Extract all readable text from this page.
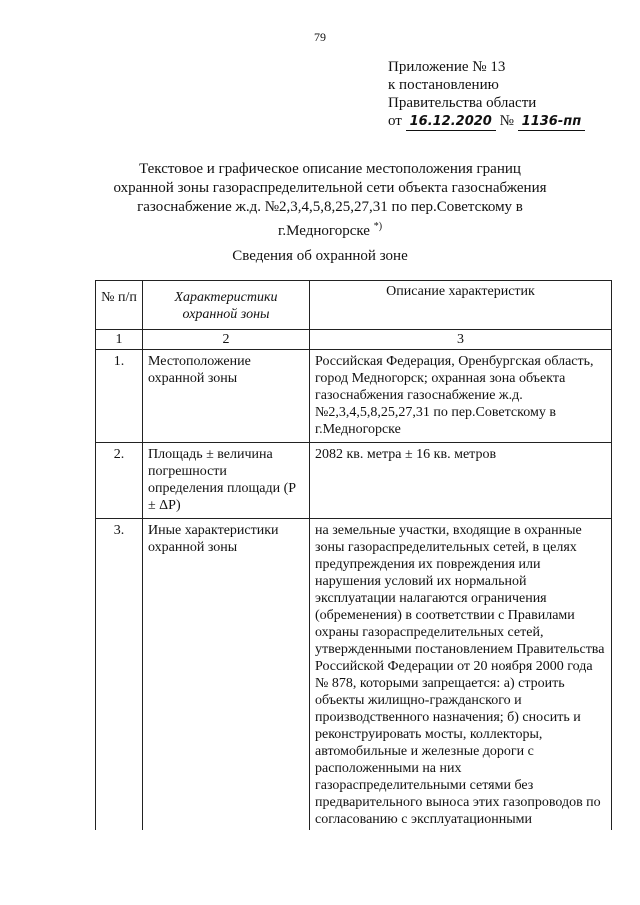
79
Приложение № 13
к постановлению
Правительства области
от 16.12.2020 № 1136-пп
Текстовое и графическое описание местоположения границ
охранной зоны газораспределительной сети объекта газоснабжения
газоснабжение ж.д. №2,3,4,5,8,25,27,31 по пер.Советскому в
г.Медногорске *)
Сведения об охранной зоне
№ п/п	Характеристики охранной зоны	Описание характеристик
1	2	3
1.	Местоположение охранной зоны	Российская Федерация, Оренбургская область, город Медногорск; охранная зона объекта газоснабжения газоснабжение ж.д. №2,3,4,5,8,25,27,31 по пер.Советскому в г.Медногорске
2.	Площадь ± величина погрешности определения площади (P ± ΔP)	2082 кв. метра ± 16 кв. метров
3.	Иные характеристики охранной зоны	на земельные участки, входящие в охранные зоны газораспределительных сетей, в целях предупреждения их повреждения или нарушения условий их нормальной эксплуатации налагаются ограничения (обременения) в соответствии с Правилами охраны газораспределительных сетей, утвержденными постановлением Правительства Российской Федерации от 20 ноября 2000 года № 878, которыми запрещается: а) строить объекты жилищно-гражданского и производственного назначения; б) сносить и реконструировать мосты, коллекторы, автомобильные и железные дороги с расположенными на них газораспределительными сетями без предварительного выноса этих газопроводов по согласованию с эксплуатационными
